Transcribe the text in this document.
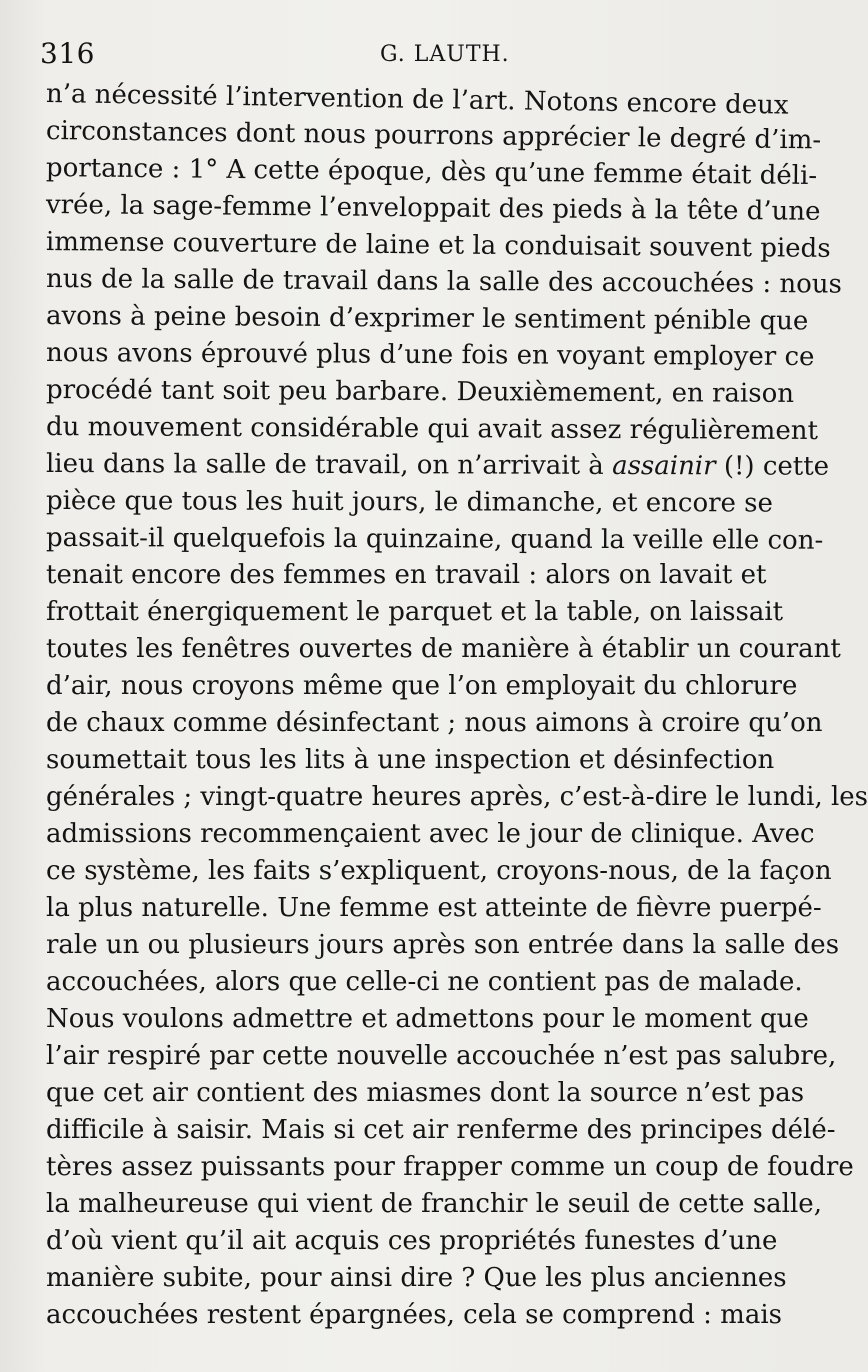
316	G. LAUTH.
n’a nécessité l’intervention de l’art. Notons encore deux
circonstances dont nous pourrons apprécier le degré d’im-
portance : 1° A cette époque, dès qu’une femme était déli-
vrée, la sage-femme l’enveloppait des pieds à la tête d’une
immense couverture de laine et la conduisait souvent pieds
nus de la salle de travail dans la salle des accouchées : nous
avons à peine besoin d’exprimer le sentiment pénible que
nous avons éprouvé plus d’une fois en voyant employer ce
procédé tant soit peu barbare. Deuxièmement, en raison
du mouvement considérable qui avait assez régulièrement
lieu dans la salle de travail, on n’arrivait à assainir (!) cette
pièce que tous les huit jours, le dimanche, et encore se
passait-il quelquefois la quinzaine, quand la veille elle con-
tenait encore des femmes en travail : alors on lavait et
frottait énergiquement le parquet et la table, on laissait
toutes les fenêtres ouvertes de manière à établir un courant
d’air, nous croyons même que l’on employait du chlorure
de chaux comme désinfectant ; nous aimons à croire qu’on
soumettait tous les lits à une inspection et désinfection
générales ; vingt-quatre heures après, c’est-à-dire le lundi, les
admissions recommençaient avec le jour de clinique. Avec
ce système, les faits s’expliquent, croyons-nous, de la façon
la plus naturelle. Une femme est atteinte de fièvre puerpé-
rale un ou plusieurs jours après son entrée dans la salle des
accouchées, alors que celle-ci ne contient pas de malade.
Nous voulons admettre et admettons pour le moment que
l’air respiré par cette nouvelle accouchée n’est pas salubre,
que cet air contient des miasmes dont la source n’est pas
difficile à saisir. Mais si cet air renferme des principes délé-
tères assez puissants pour frapper comme un coup de foudre
la malheureuse qui vient de franchir le seuil de cette salle,
d’où vient qu’il ait acquis ces propriétés funestes d’une
manière subite, pour ainsi dire ? Que les plus anciennes
accouchées restent épargnées, cela se comprend : mais
